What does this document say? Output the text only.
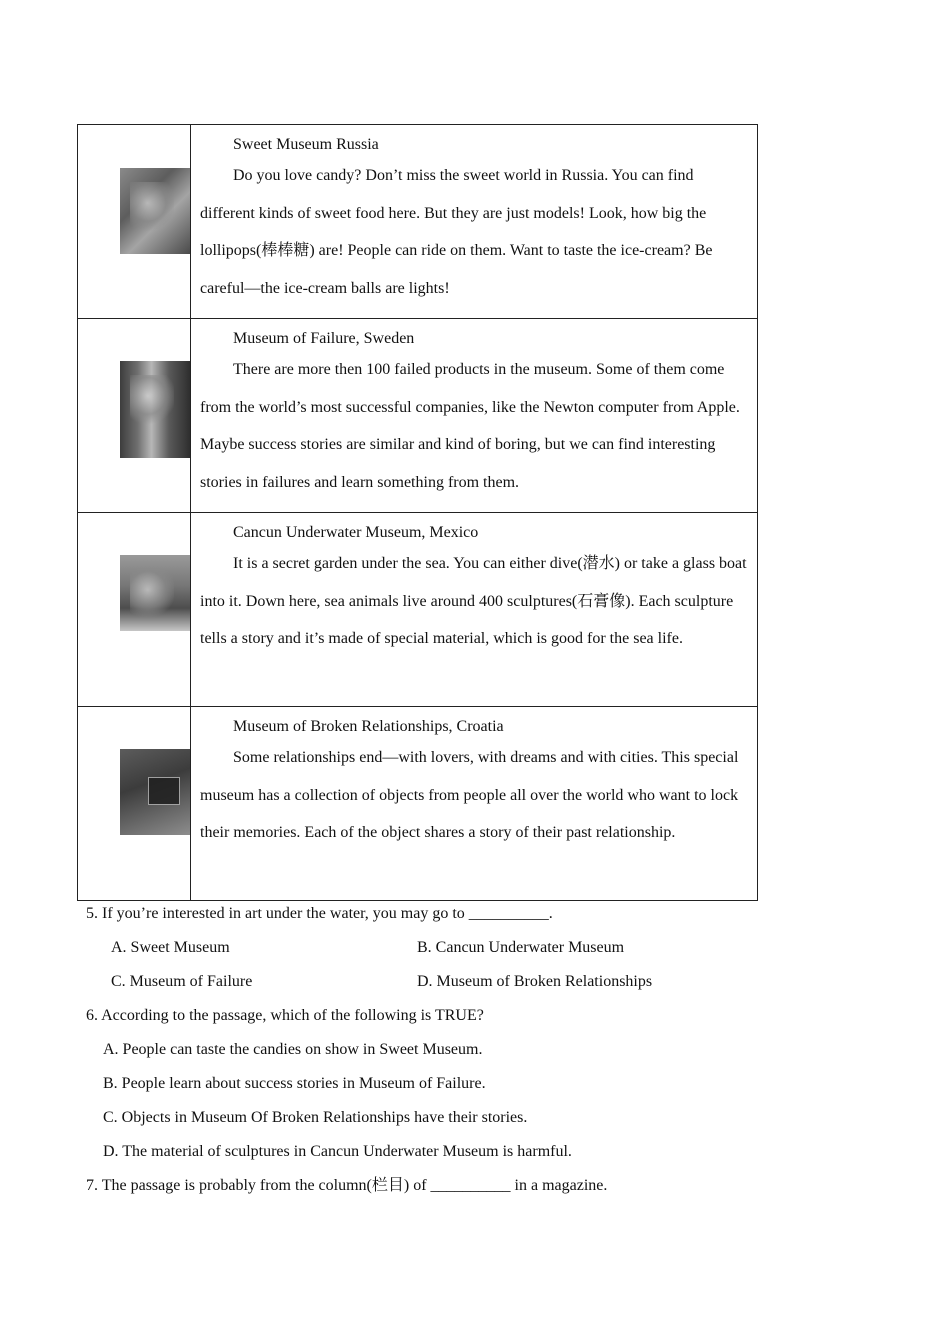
	Sweet Museum Russia
Do you love candy? Don’t miss the sweet world in Russia. You can find different kinds of sweet food here. But they are just models! Look, how big the lollipops(棒棒糖) are! People can ride on them. Want to taste the ice-cream? Be careful—the ice-cream balls are lights!

	Museum of Failure, Sweden
There are more then 100 failed products in the museum. Some of them come from the world’s most successful companies, like the Newton computer from Apple. Maybe success stories are similar and kind of boring, but we can find interesting stories in failures and learn something from them.

	Cancun Underwater Museum, Mexico
It is a secret garden under the sea. You can either dive(潜水) or take a glass boat into it. Down here, sea animals live around 400 sculptures(石膏像). Each sculpture tells a story and it’s made of special material, which is good for the sea life.

	Museum of Broken Relationships, Croatia
Some relationships end—with lovers, with dreams and with cities. This special museum has a collection of objects from people all over the world who want to lock their memories. Each of the object shares a story of their past relationship.
5. If you’re interested in art under the water, you may go to __________.
A. Sweet Museum	B. Cancun Underwater Museum
C. Museum of Failure	D. Museum of Broken Relationships
6. According to the passage, which of the following is TRUE?
A. People can taste the candies on show in Sweet Museum.
B. People learn about success stories in Museum of Failure.
C. Objects in Museum Of Broken Relationships have their stories.
D. The material of sculptures in Cancun Underwater Museum is harmful.
7. The passage is probably from the column(栏目) of __________ in a magazine.
